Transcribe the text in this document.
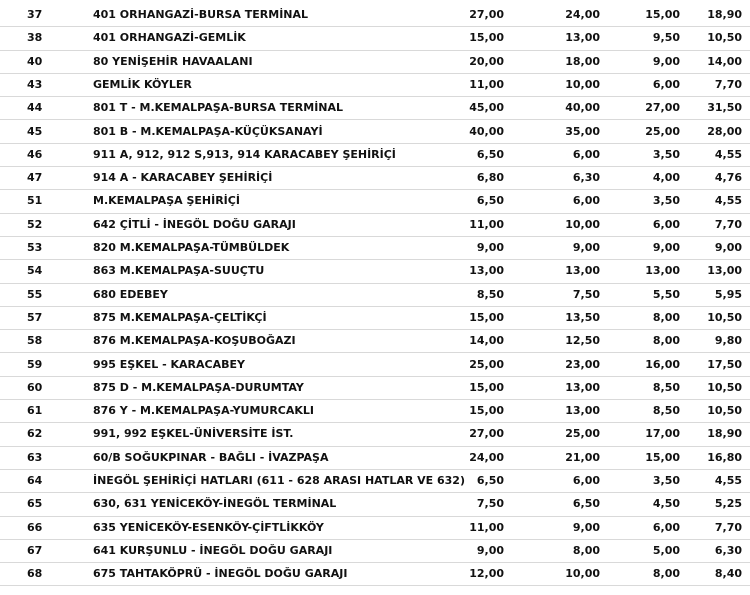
37	401 ORHANGAZİ-BURSA TERMİNAL	27,00	24,00	15,00 18,90
38	401 ORHANGAZİ-GEMLİK	15,00	13,00	9,50 10,50
40	80 YENİŞEHİR HAVAALANI	20,00	18,00	9,00 14,00
43	GEMLİK KÖYLER	11,00	10,00	6,00	7,70
44	801 T - M.KEMALPAŞA-BURSA TERMİNAL	45,00	40,00	27,00 31,50
45	801 B - M.KEMALPAŞA-KÜÇÜKSANAYİ	40,00	35,00	25,00 28,00
46	911 A, 912, 912 S,913, 914 KARACABEY ŞEHİRİÇİ	6,50	6,00	3,50	4,55
47	914 A - KARACABEY ŞEHİRİÇİ	6,80	6,30	4,00	4,76
51	M.KEMALPAŞA ŞEHİRİÇİ	6,50	6,00	3,50	4,55
52	642 ÇİTLİ - İNEGÖL DOĞU GARAJI	11,00	10,00	6,00	7,70
53	820 M.KEMALPAŞA-TÜMBÜLDEK	9,00	9,00	9,00	9,00
54	863 M.KEMALPAŞA-SUUÇTU	13,00	13,00	13,00 13,00
55	680 EDEBEY	8,50	7,50	5,50	5,95
57	875 M.KEMALPAŞA-ÇELTİKÇİ	15,00	13,50	8,00 10,50
58	876 M.KEMALPAŞA-KOŞUBOĞAZI	14,00	12,50	8,00	9,80
59	995 EŞKEL - KARACABEY	25,00	23,00	16,00 17,50
60	875 D - M.KEMALPAŞA-DURUMTAY	15,00	13,00	8,50 10,50
61	876 Y - M.KEMALPAŞA-YUMURCAKLI	15,00	13,00	8,50 10,50
62	991, 992 EŞKEL-ÜNİVERSİTE İST.	27,00	25,00	17,00 18,90
63	60/B SOĞUKPINAR - BAĞLI - İVAZPAŞA	24,00	21,00	15,00 16,80
64	İNEGÖL ŞEHİRİÇİ HATLARI (611 - 628 ARASI HATLAR VE 632) 6,50	6,00	3,50	4,55
65	630, 631 YENİCEKÖY-İNEGÖL TERMİNAL	7,50	6,50	4,50	5,25
66	635 YENİCEKÖY-ESENKÖY-ÇİFTLİKKÖY	11,00	9,00	6,00	7,70
67	641 KURŞUNLU - İNEGÖL DOĞU GARAJI	9,00	8,00	5,00	6,30
68	675 TAHTAKÖPRÜ - İNEGÖL DOĞU GARAJI	12,00	10,00	8,00	8,40
